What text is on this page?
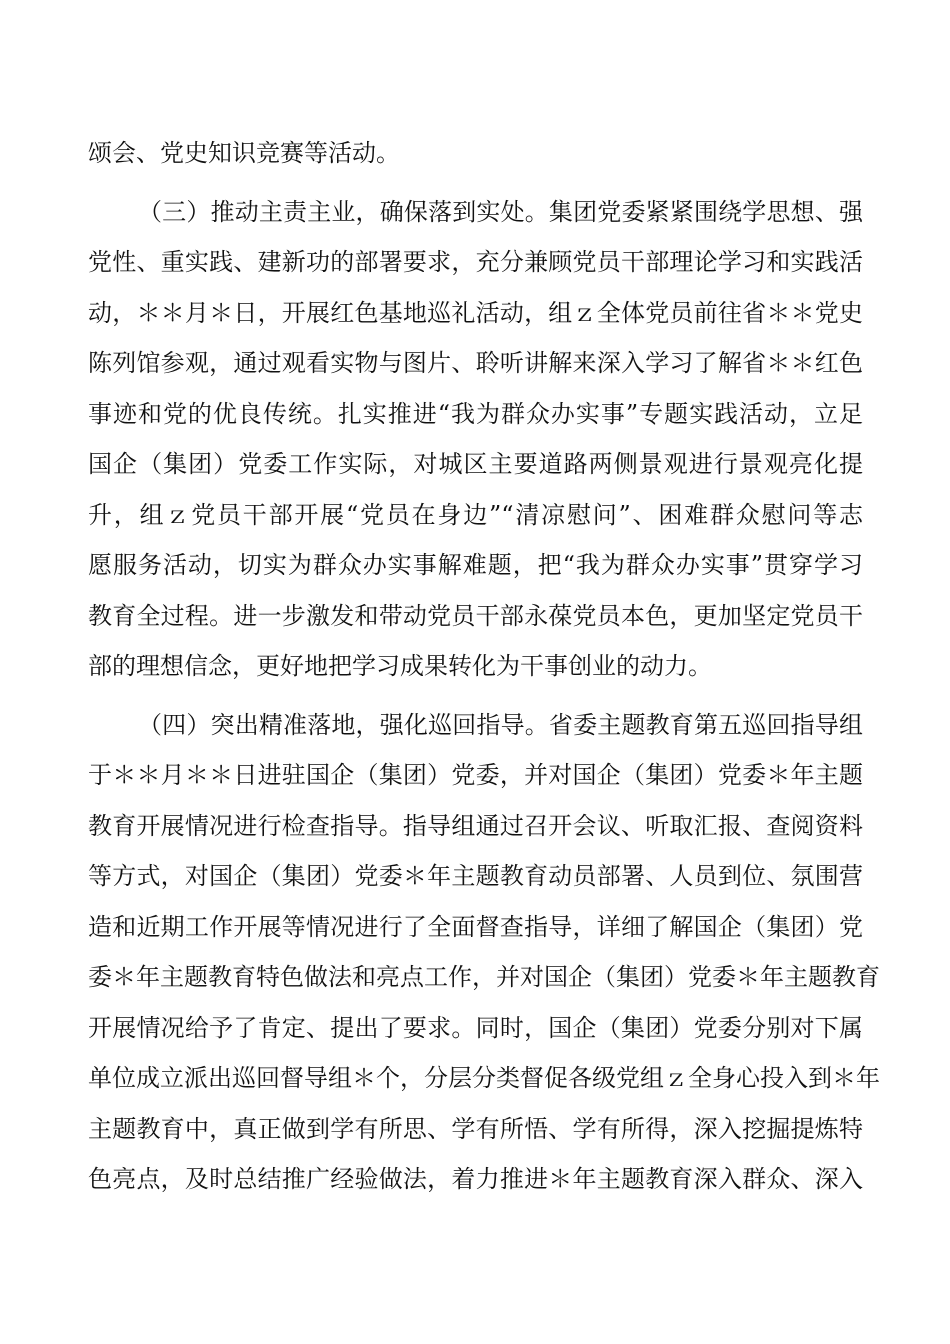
颂会、党史知识竞赛等活动。
（三）推动主责主业，确保落到实处。集团党委紧紧围绕学思想、强
党性、重实践、建新功的部署要求，充分兼顾党员干部理论学习和实践活
动，＊＊月＊日，开展红色基地巡礼活动，组ｚ全体党员前往省＊＊党史
陈列馆参观，通过观看实物与图片、聆听讲解来深入学习了解省＊＊红色
事迹和党的优良传统。扎实推进“我为群众办实事”专题实践活动，立足
国企（集团）党委工作实际，对城区主要道路两侧景观进行景观亮化提
升，组ｚ党员干部开展“党员在身边”“清凉慰问”、困难群众慰问等志
愿服务活动，切实为群众办实事解难题，把“我为群众办实事”贯穿学习
教育全过程。进一步激发和带动党员干部永葆党员本色，更加坚定党员干
部的理想信念，更好地把学习成果转化为干事创业的动力。
（四）突出精准落地，强化巡回指导。省委主题教育第五巡回指导组
于＊＊月＊＊日进驻国企（集团）党委，并对国企（集团）党委＊年主题
教育开展情况进行检查指导。指导组通过召开会议、听取汇报、查阅资料
等方式，对国企（集团）党委＊年主题教育动员部署、人员到位、氛围营
造和近期工作开展等情况进行了全面督查指导，详细了解国企（集团）党
委＊年主题教育特色做法和亮点工作，并对国企（集团）党委＊年主题教育
开展情况给予了肯定、提出了要求。同时，国企（集团）党委分别对下属
单位成立派出巡回督导组＊个，分层分类督促各级党组ｚ全身心投入到＊年
主题教育中，真正做到学有所思、学有所悟、学有所得，深入挖掘提炼特
色亮点，及时总结推广经验做法，着力推进＊年主题教育深入群众、深入
